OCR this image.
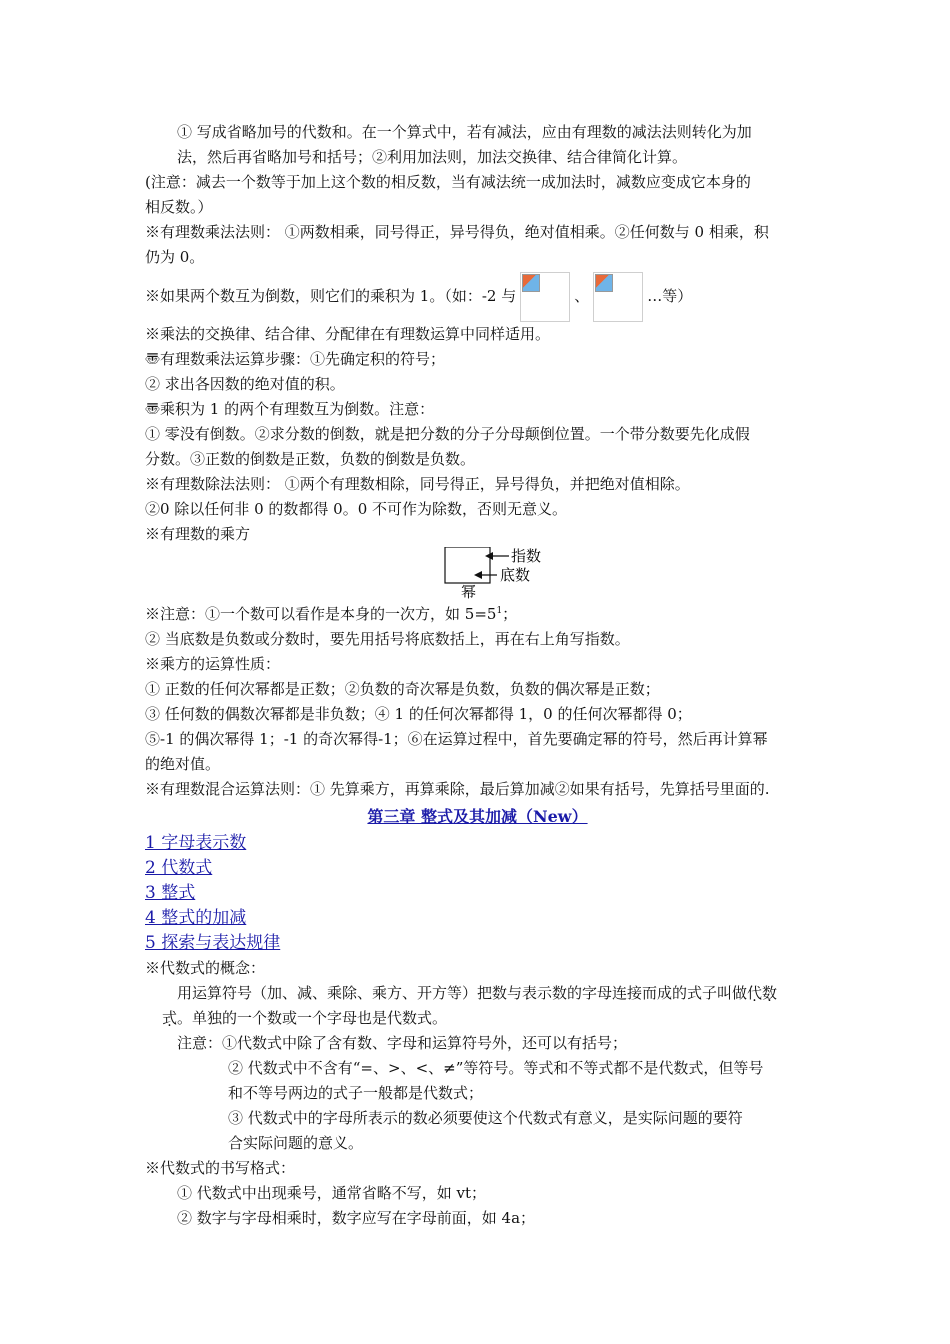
① 写成省略加号的代数和。在一个算式中，若有减法，应由有理数的减法法则转化为加
法，然后再省略加号和括号；②利用加法则，加法交换律、结合律简化计算。
(注意：减去一个数等于加上这个数的相反数，当有减法统一成加法时，减数应变成它本身的
相反数。）
※有理数乘法法则： ①两数相乘，同号得正，异号得负，绝对值相乘。②任何数与 0 相乘，积
仍为 0。
※如果两个数互为倒数，则它们的乘积为 1。（如：-2 与	、	…等）
※乘法的交换律、结合律、分配律在有理数运算中同样适用。
〠有理数乘法运算步骤：①先确定积的符号；
② 求出各因数的绝对值的积。
〠乘积为 1 的两个有理数互为倒数。注意：
① 零没有倒数。②求分数的倒数，就是把分数的分子分母颠倒位置。一个带分数要先化成假
分数。③正数的倒数是正数，负数的倒数是负数。
※有理数除法法则： ①两个有理数相除，同号得正，异号得负，并把绝对值相除。
②0 除以任何非 0 的数都得 0。0 不可作为除数，否则无意义。
※有理数的乘方
指数
底数
幂
※注意：①一个数可以看作是本身的一次方，如 $5=5^1$；
② 当底数是负数或分数时，要先用括号将底数括上，再在右上角写指数。
※乘方的运算性质：
① 正数的任何次幂都是正数；②负数的奇次幂是负数，负数的偶次幂是正数；
③ 任何数的偶数次幂都是非负数；④ 1 的任何次幂都得 1，0 的任何次幂都得 0；
⑤-1 的偶次幂得 1；-1 的奇次幂得-1；⑥在运算过程中，首先要确定幂的符号，然后再计算幂
的绝对值。
※有理数混合运算法则：① 先算乘方，再算乘除，最后算加减②如果有括号，先算括号里面的.
第三章 整式及其加减（New）
1 字母表示数
2 代数式
3 整式
4 整式的加减
5 探索与表达规律
※代数式的概念：
用运算符号（加、减、乘除、乘方、开方等）把数与表示数的字母连接而成的式子叫做代数
式。单独的一个数或一个字母也是代数式。
注意：①代数式中除了含有数、字母和运算符号外，还可以有括号；
② 代数式中不含有“=、>、<、≠”等符号。等式和不等式都不是代数式，但等号
和不等号两边的式子一般都是代数式；
③ 代数式中的字母所表示的数必须要使这个代数式有意义，是实际问题的要符
合实际问题的意义。
※代数式的书写格式：
① 代数式中出现乘号，通常省略不写，如 vt；
② 数字与字母相乘时，数字应写在字母前面，如 4a；
